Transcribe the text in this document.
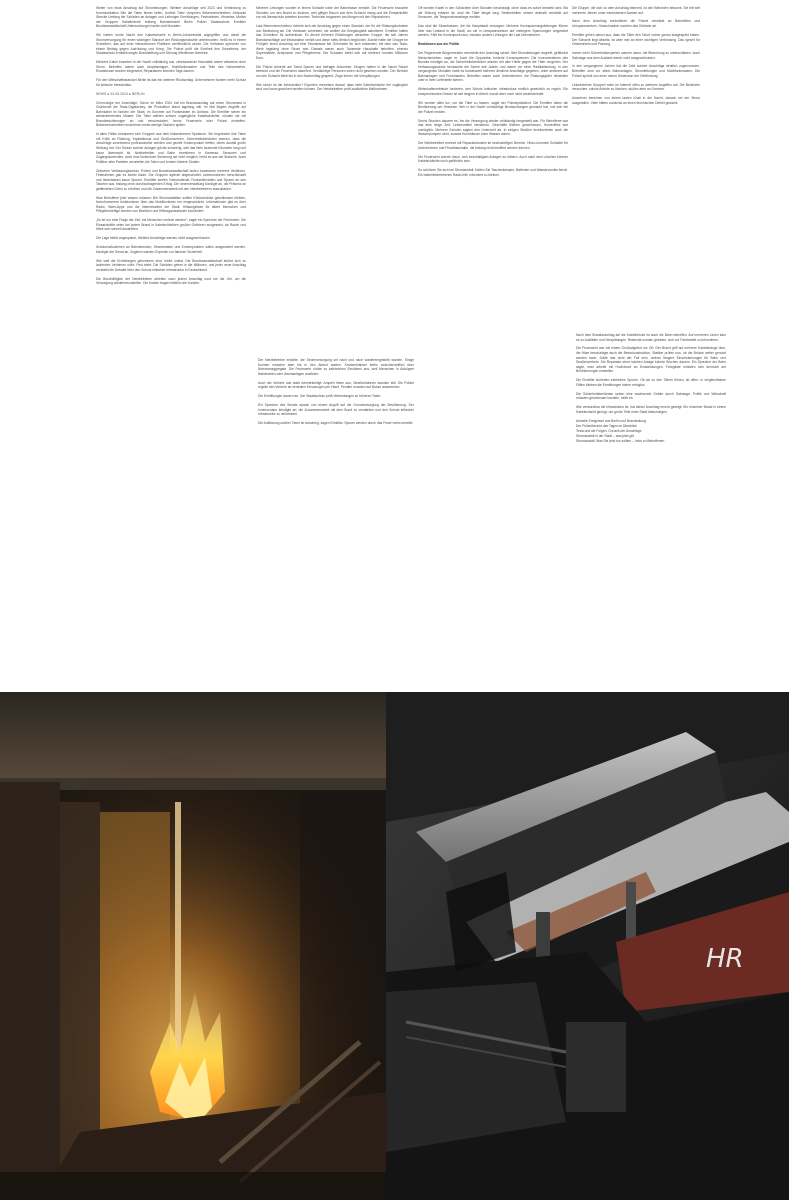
Weiter von etwa Anschlag auf Stromleitungen. Weitere Anschläge seit 2023 und Verbindung zu Kommunikation Wie die Taten bisher liefen, Umfeld Täter Vorgehen Bekennerschreiben Zeitpunkt Strecke Umfang der Schäden an Anlagen und Leitungen Ermittlungen, Festnahmen, Hinweise, Motive der Gruppen Kabelbrände entlang Bahnstrecken Berlin Polizei Staatsschutz Ermittler Bundesanwaltschaft Untersuchungen laufen seit Monaten.

Wir haben heute Nacht den Kabelschacht in Berlin-Johannisthal angegriffen und damit die Stromversorgung für einen wichtigen Standort der Rüstungsindustrie unterbrochen, heißt es in einem Schreiben, das auf einer linksextremen Plattform veröffentlicht wurde. Die Verfasser sprechen von einem Beitrag gegen Aufrüstung und Krieg. Die Polizei prüft die Echtheit des Schreibens, der Staatsschutz ermittelt wegen Brandstiftung und Störung öffentlicher Betriebe.

Mehrere Kabel brannten in der Nacht vollständig aus, zehntausende Haushalte waren zeitweise ohne Strom. Betroffen waren auch Ampelanlagen, Mobilfunkmasten und Teile des Nahverkehrs. Ersatzbusse wurden eingesetzt, Reparaturen könnten Tage dauern.

Für den Wirtschaftsstandort Berlin ist das ein weiterer Rückschlag. Unternehmen fordern mehr Schutz für kritische Infrastruktur.

NEWS ● 03.06.2024 ● BERLIN

Chronologie der Anschläge: Schon im März 2024 traf ein Brandanschlag auf einen Strommast in Grünheide die Tesla-Gigafactory, die Produktion stand tagelang still. Im Mai folgten Angriffe auf Bahnkabel im Norden der Stadt, im Sommer auf Funkmasten im Umland. Die Ermittler sehen ein wiederkehrendes Muster: Die Täter wählen schwer zugängliche Kabelschächte, zünden sie mit Brandbeschleuniger an und verschwinden, bevor Feuerwehr oder Polizei eintreffen. Bekennerschreiben erscheinen meist wenige Stunden später.

In allen Fällen bekannten sich Gruppen aus dem linksextremen Spektrum. Sie begründen ihre Taten mit Kritik an Rüstung, Kapitalismus und Großkonzernen. Sicherheitsbehörden warnen, dass die Anschläge zunehmend professioneller werden und gezielt Knotenpunkte treffen, deren Ausfall große Wirkung hat. Der Schutz solcher Anlagen gilt als schwierig, weil das Netz tausende Kilometer lang und kaum überwacht ist. Netzbetreiber und Bahn investieren in Kameras, Sensoren und Zugangskontrollen, doch eine lückenlose Sicherung sei nicht möglich, heißt es aus der Branche. Auch Politiker aller Parteien verurteilen die Taten und fordern härtere Strafen.

Zwischen Verfassungsschutz, Polizei und Bundesanwaltschaft laufen inzwischen mehrere Verfahren. Festnahmen gab es bisher kaum. Die Gruppen agieren abgeschottet, kommunizieren verschlüsselt und hinterlassen kaum Spuren. Ermittler werten Videomaterial, Funkzellendaten und Spuren an den Tatorten aus, bislang ohne durchschlagenden Erfolg. Die Innenverwaltung kündigte an, die Präsenz an gefährdeten Orten zu erhöhen und die Zusammenarbeit mit den Netzbetreibern auszubauen.

Was Betroffene jetzt wissen müssen: Bei Stromausfällen sollten Kühlschränke geschlossen bleiben, Notrufnummern funktionieren über das Mobilfunknetz nur eingeschränkt. Informationen gibt es über Radio, Warn-Apps und die Internetseiten der Stadt. Hilfsangebote für ältere Menschen und Pflegebedürftige werden von Bezirken und Hilfsorganisationen koordiniert.

„Es ist nur eine Frage der Zeit, bis Menschen verletzt werden“, sagte ein Sprecher der Feuerwehr. Die Einsatzkräfte seien bei jedem Brand in Kabelschächten großen Gefahren ausgesetzt, da Rauch und Hitze sich schnell ausbreiten.

Die Lage bleibt angespannt. Weitere Anschläge werden nicht ausgeschlossen.

Schutzmaßnahmen an Bahnstrecken, Strommasten und Knotenpunkten sollen ausgeweitet werden, kündigte der Senat an. Zugleich warnen Experten vor falscher Sicherheit.

Wie weit die Ermittlungen gekommen sind, bleibt unklar. Die Bundesanwaltschaft äußert sich zu laufenden Verfahren nicht. Fest steht: Die Schäden gehen in die Millionen, und jeder neue Anschlag verstärkt die Debatte über den Schutz kritischer Infrastruktur in Deutschland.

Die Beschäftigten der Netzbetreiber arbeiten nach jedem Anschlag rund um die Uhr, um die Versorgung wiederherzustellen. Die Kosten tragen letztlich die Kunden.

Mehrere Leitungen wurden in einem Schacht nahe der Bahntrasse zerstört. Die Feuerwehr brauchte Stunden, um den Brand zu löschen, weil giftiger Rauch aus dem Schacht drang und die Einsatzkräfte nur mit Atemschutz arbeiten konnten. Techniker begannen am Morgen mit den Reparaturen.

Laut Bekennerschreiben richtete sich der Anschlag gegen einen Standort, der für die Rüstungsindustrie von Bedeutung sei. Die Verfasser schreiben, sie wollten die Kriegslogistik sabotieren. Ermittler halten das Schreiben für authentisch. Es ähnelt früheren Erklärungen derselben Gruppe, die seit Jahren Brandanschläge auf Infrastruktur verübt und diese stets ähnlich begründet. Zuletzt hatte die Gruppe im Frühjahr einen Anschlag auf eine Stromtrasse bei Grünheide für sich reklamiert, bei dem das Tesla-Werk tagelang ohne Strom war. Damals waren auch Tausende Haushalte betroffen, ebenso Supermärkte, Arztpraxen und Pflegeheime. Der Schaden belief sich auf mehrere hundert Millionen Euro.

Die Polizei sicherte am Tatort Spuren und befragte Anwohner. Zeugen hatten in der Nacht Rauch bemerkt und die Feuerwehr alarmiert. Verdächtige Personen seien nicht gesehen worden. Der Bereich um den Schacht blieb bis in den Nachmittag gesperrt, Züge fuhren mit Verspätungen.

Wie sicher ist die Infrastruktur? Experten verweisen darauf, dass viele Kabelschächte frei zugänglich sind und kaum gesichert werden können. Der Netzbetreiber prüft zusätzliche Maßnahmen.

Der Netzbetreiber erklärte, die Stromversorgung sei nach und nach wiederhergestellt worden. Einige Kunden mussten aber bis in den Abend warten. Krankenhäuser liefen zwischenzeitlich über Notstromaggregate. Die Feuerwehr rückte zu zahlreichen Einsätzen aus, weil Menschen in Aufzügen feststeckten oder Alarmanlagen ausfielen.

Auch der Verkehr war stark beeinträchtigt: Ampeln fielen aus, Straßenbahnen standen still. Die Polizei regelte den Verkehr an zentralen Kreuzungen per Hand. Pendler mussten auf Busse ausweichen.

Die Ermittlungen dauern an. Der Staatsschutz prüft Verbindungen zu früheren Taten.

Ein Sprecher des Senats sprach von einem Angriff auf die Grundversorgung der Bevölkerung. Der Innensenator kündigte an, die Zusammenarbeit mit dem Bund zu verstärken und den Schutz kritischer Infrastruktur zu verbessern.

Die Aufklärung solcher Taten ist schwierig, sagen Ermittler. Spuren werden durch das Feuer meist zerstört.

Oft werden Kabel in den Schächten über Stunden beschädigt, ohne dass es sofort bemerkt wird. Bis die Störung erkannt ist, sind die Täter längst weg. Netzbetreiber setzen deshalb verstärkt auf Sensoren, die Temperaturanstiege melden.

Das sind die Stromtrassen, die die Hauptstadt versorgen: Mehrere Hochspannungsleitungen führen über das Umland in die Stadt, wo sie in Umspannwerken auf niedrigere Spannungen umgesetzt werden. Fällt ein Knotenpunkt aus, müssen andere Leitungen die Last übernehmen.

Reaktionen aus der Politik

Der Regierende Bürgermeister verurteilte den Anschlag scharf. Wer Stromleitungen angreift, gefährdet Menschenleben, sagte er. Auch die Opposition forderte Konsequenzen. Die Innenministerin des Bundes kündigte an, die Sicherheitsbehörden würden mit aller Härte gegen die Täter vorgehen. Der Verfassungsschutz beobachte die Szene seit Jahren und warne vor einer Radikalisierung. In den vergangenen Monaten hatte es bundesweit mehrere ähnliche Anschläge gegeben, unter anderem auf Bahnanlagen und Funkmasten. Betroffen waren auch Unternehmen, die Rüstungsgüter herstellen oder in ihrer Lieferkette stehen.

Wirtschaftsverbände forderten, den Schutz kritischer Infrastruktur endlich gesetzlich zu regeln. Ein entsprechendes Gesetz ist seit langem in Arbeit, wurde aber noch nicht verabschiedet.

Wir werden alles tun, um die Täter zu fassen, sagte der Polizeipräsident. Die Ermittler baten die Bevölkerung um Hinweise. Wer in der Nacht verdächtige Beobachtungen gemacht hat, soll sich bei der Polizei melden.

Sechs Stunden dauerte es, bis die Versorgung wieder vollständig hergestellt war. Für Betroffene war das eine lange Zeit: Lebensmittel verdarben, Geschäfte blieben geschlossen, Homeoffice war unmöglich. Mehrere Schulen sagten den Unterricht ab. In einigen Straßen funktionierten auch die Wasserpumpen nicht, sodass Hochhäuser ohne Wasser waren.

Der Netzbetreiber rechnet mit Reparaturkosten im sechsstelligen Bereich. Hinzu kommen Schäden für Unternehmen und Privathaushalte, die bislang nicht beziffert werden können.

Die Feuerwehr warnte davor, sich beschädigten Anlagen zu nähern. Auch nach dem Löschen können Kabelschächte noch gefährlich sein.

So schützen Sie sich bei Stromausfall: Halten Sie Taschenlampen, Batterien und Wasservorräte bereit. Ein batteriebetriebenes Radio hilft, informiert zu bleiben.

Die Gruppe, die sich zu dem Anschlag bekennt, ist den Behörden bekannt. Sie tritt seit mehreren Jahren unter wechselnden Namen auf.

Nach dem Anschlag kontrollierte die Polizei verstärkt an Bahnhöfen und Umspannwerken. Hubschrauber suchten das Gelände ab.

Ermittler gehen davon aus, dass die Täter den Tatort vorher genau ausgespäht haben. Der Schacht liegt abseits, ist aber nah an einer wichtigen Verbindung. Das spricht für Ortskenntnis und Planung.

Immer mehr Sicherheitsexperten warnen davor, die Bedrohung zu unterschätzen. Auch Sabotage aus dem Ausland werde nicht ausgeschlossen.

In den vergangenen Jahren hat die Zahl solcher Anschläge deutlich zugenommen. Betroffen sind vor allem Bahnanlagen, Stromleitungen und Mobilfunkmasten. Die Polizei spricht von einer neuen Dimension der Gefährdung.

Linksextreme Gruppen rufen im Internet offen zu weiteren Angriffen auf. Die Behörden versuchen, solche Aufrufe zu löschen, stoßen aber an Grenzen.

Anwohner berichten von einem lauten Knall in der Nacht, danach sei der Strom ausgefallen. Viele hätten zunächst an einen technischen Defekt gedacht.

Nach dem Brandanschlag auf die Kabelbrücke ist auch die Bahn betroffen. Auf mehreren Linien kam es zu Ausfällen und Verspätungen. Reisende wurden gebeten, sich vor Fahrtantritt zu informieren.

Die Feuerwehr war mit einem Großaufgebot vor Ort. Der Brand griff auf mehrere Kabelstränge über, die Hitze beschädigte auch die Betonkonstruktion. Statiker prüfen nun, ob die Brücke weiter genutzt werden kann. Sollte das nicht der Fall sein, drohen längere Einschränkungen für Bahn und Straßenverkehr. Die Reparatur einer solchen Anlage könnte Wochen dauern. Ein Sprecher der Bahn sagte, man arbeite mit Hochdruck an Ersatzlösungen. Fahrgäste müssten sich dennoch auf Behinderungen einstellen.

Die Ermittler sicherten zahlreiche Spuren. Ob sie zu den Tätern führen, ist offen. In vergleichbaren Fällen blieben die Ermittlungen bisher erfolglos.

Die Sicherheitsbehörden sehen eine wachsende Gefahr durch Sabotage. Politik und Wirtschaft müssten gemeinsam handeln, heißt es.

Wie verwundbar die Infrastruktur ist, hat dieser Anschlag erneut gezeigt. Ein einzelner Brand in einem Kabelschacht genügt, um große Teile einer Stadt lahmzulegen.

Aktuelle Ereignisse aus Berlin und Brandenburg

Der Polizeibericht des Tages im Überblick

Tesla und die Folgen: Chronik der Anschläge

Stromausfall in der Stadt – was jetzt gilt

Stromausfall: Was Sie jetzt tun sollten – Infos zu Betroffenen

HR
